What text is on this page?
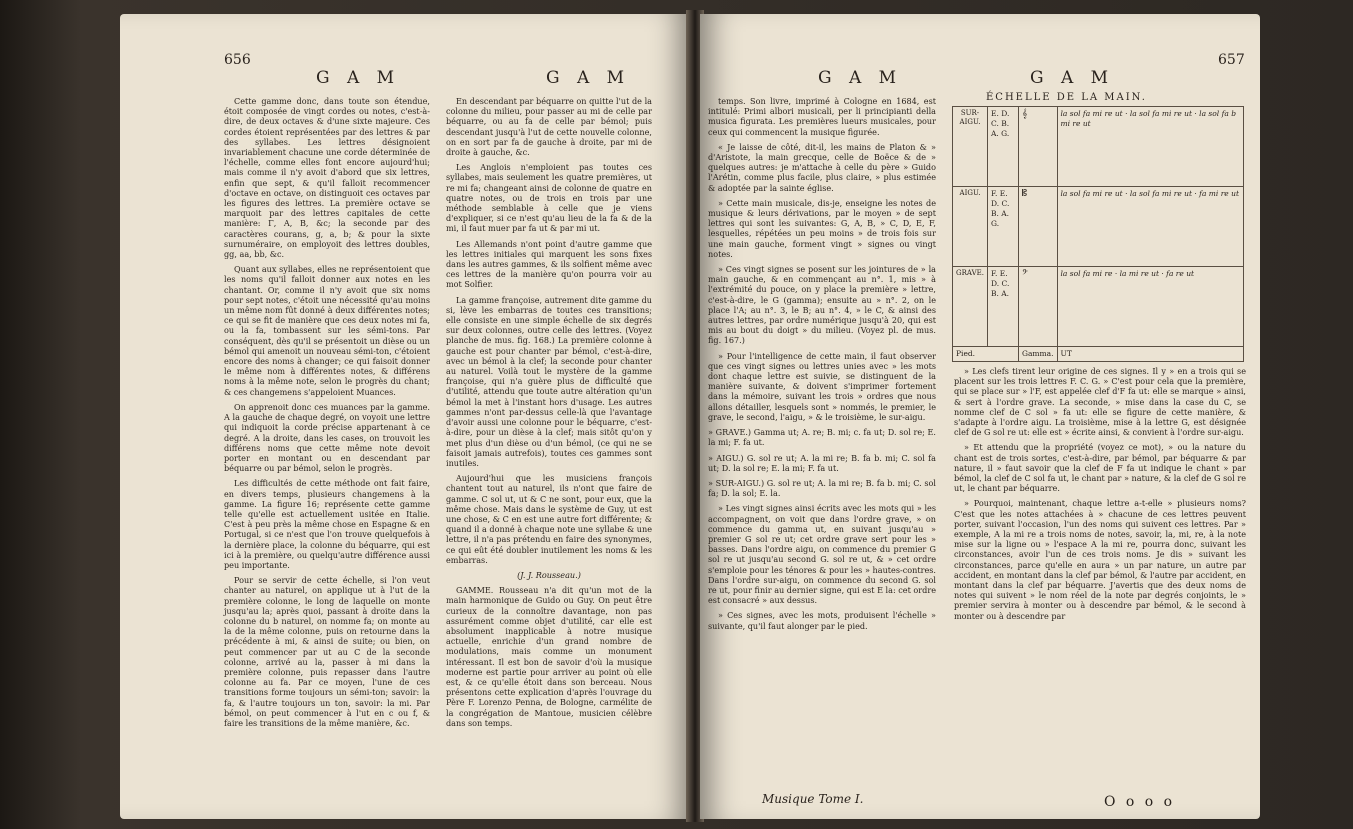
656
G A M	G A M

Cette gamme donc, dans toute son étendue, étoit composée de vingt cordes ou notes, c'est-à-dire, de deux octaves & d'une sixte majeure. Ces cordes étoient représentées par des lettres & par des syllabes. Les lettres désignoient invariablement chacune une corde déterminée de l'échelle, comme elles font encore aujourd'hui; mais comme il n'y avoit d'abord que six lettres, enfin que sept, & qu'il falloit recommencer d'octave en octave, on distinguoit ces octaves par les figures des lettres. La première octave se marquoit par des lettres capitales de cette manière: Γ, A, B, &c; la seconde par des caractères courans, g, a, b; & pour la sixte surnuméraire, on employoit des lettres doubles, gg, aa, bb, &c.

Quant aux syllabes, elles ne représentoient que les noms qu'il falloit donner aux notes en les chantant. Or, comme il n'y avoit que six noms pour sept notes, c'étoit une nécessité qu'au moins un même nom fût donné à deux différentes notes; ce qui se fit de manière que ces deux notes mi fa, ou la fa, tombassent sur les sémi-tons. Par conséquent, dès qu'il se présentoit un dièse ou un bémol qui amenoit un nouveau sémi-ton, c'étoient encore des noms à changer; ce qui faisoit donner le même nom à différentes notes, & différens noms à la même note, selon le progrès du chant; & ces changemens s'appeloient Muances.

On apprenoit donc ces muances par la gamme. A la gauche de chaque degré, on voyoit une lettre qui indiquoit la corde précise appartenant à ce degré. A la droite, dans les cases, on trouvoit les différens noms que cette même note devoit porter en montant ou en descendant par béquarre ou par bémol, selon le progrès.

Les difficultés de cette méthode ont fait faire, en divers temps, plusieurs changemens à la gamme. La figure 16; représente cette gamme telle qu'elle est actuellement usitée en Italie. C'est à peu près la même chose en Espagne & en Portugal, si ce n'est que l'on trouve quelquefois à la dernière place, la colonne du béquarre, qui est ici à la première, ou quelqu'autre différence aussi peu importante.

Pour se servir de cette échelle, si l'on veut chanter au naturel, on applique ut à l'ut de la première colonne, le long de laquelle on monte jusqu'au la; après quoi, passant à droite dans la colonne du b naturel, on nomme fa; on monte au la de la même colonne, puis on retourne dans la précédente à mi, & ainsi de suite; ou bien, on peut commencer par ut au C de la seconde colonne, arrivé au la, passer à mi dans la première colonne, puis repasser dans l'autre colonne au fa. Par ce moyen, l'une de ces transitions forme toujours un sémi-ton; savoir: la fa, & l'autre toujours un ton, savoir: la mi. Par bémol, on peut commencer à l'ut en c ou f, & faire les transitions de la même manière, &c.

En descendant par béquarre on quitte l'ut de la colonne du milieu, pour passer au mi de celle par béquarre, ou au fa de celle par bémol; puis descendant jusqu'à l'ut de cette nouvelle colonne, on en sort par fa de gauche à droite, par mi de droite à gauche, &c.

Les Anglois n'emploient pas toutes ces syllabes, mais seulement les quatre premières, ut re mi fa; changeant ainsi de colonne de quatre en quatre notes, ou de trois en trois par une méthode semblable à celle que je viens d'expliquer, si ce n'est qu'au lieu de la fa & de la mi, il faut muer par fa ut & par mi ut.

Les Allemands n'ont point d'autre gamme que les lettres initiales qui marquent les sons fixes dans les autres gammes, & ils solfient même avec ces lettres de la manière qu'on pourra voir au mot Solfier.

La gamme françoise, autrement dite gamme du si, lève les embarras de toutes ces transitions; elle consiste en une simple échelle de six degrés sur deux colonnes, outre celle des lettres. (Voyez planche de mus. fig. 168.) La première colonne à gauche est pour chanter par bémol, c'est-à-dire, avec un bémol à la clef; la seconde pour chanter au naturel. Voilà tout le mystère de la gamme françoise, qui n'a guère plus de difficulté que d'utilité, attendu que toute autre altération qu'un bémol la met à l'instant hors d'usage. Les autres gammes n'ont par-dessus celle-là que l'avantage d'avoir aussi une colonne pour le béquarre, c'est-à-dire, pour un dièse à la clef; mais sitôt qu'on y met plus d'un dièse ou d'un bémol, (ce qui ne se faisoit jamais autrefois), toutes ces gammes sont inutiles.

Aujourd'hui que les musiciens françois chantent tout au naturel, ils n'ont que faire de gamme. C sol ut, ut & C ne sont, pour eux, que la même chose. Mais dans le système de Guy, ut est une chose, & C en est une autre fort différente; & quand il a donné à chaque note une syllabe & une lettre, il n'a pas prétendu en faire des synonymes, ce qui eût été doubler inutilement les noms & les embarras.

(J. J. Rousseau.)

GAMME. Rousseau n'a dit qu'un mot de la main harmonique de Guido ou Guy. On peut être curieux de la connoître davantage, non pas assurément comme objet d'utilité, car elle est absolument inapplicable à notre musique actuelle, enrichie d'un grand nombre de modulations, mais comme un monument intéressant. Il est bon de savoir d'où la musique moderne est partie pour arriver au point où elle est, & ce qu'elle étoit dans son berceau. Nous présentons cette explication d'après l'ouvrage du Père F. Lorenzo Penna, de Bologne, carmélite de la congrégation de Mantoue, musicien célèbre dans son temps.

G A M	G A M
657

temps. Son livre, imprimé à Cologne en 1684, est intitulé: Primi albori musicali, per li principianti della musica figurata. Les premières lueurs musicales, pour ceux qui commencent la musique figurée.

« Je laisse de côté, dit-il, les mains de Platon & » d'Aristote, la main grecque, celle de Boëce & de » quelques autres: je m'attache à celle du père » Guido l'Arétin, comme plus facile, plus claire, » plus estimée & adoptée par la sainte église.

» Cette main musicale, dis-je, enseigne les notes de musique & leurs dérivations, par le moyen » de sept lettres qui sont les suivantes: G, A, B, » C, D, E, F, lesquelles, répétées un peu moins » de trois fois sur une main gauche, forment vingt » signes ou vingt notes.

» Ces vingt signes se posent sur les jointures de » la main gauche, & en commençant au n°. 1, mis » à l'extrémité du pouce, on y place la première » lettre, c'est-à-dire, le G (gamma); ensuite au » n°. 2, on le place l'A; au n°. 3, le B; au n°. 4, » le C, & ainsi des autres lettres, par ordre numérique jusqu'à 20, qui est mis au bout du doigt » du milieu. (Voyez pl. de mus. fig. 167.)

» Pour l'intelligence de cette main, il faut observer que ces vingt signes ou lettres unies avec » les mots dont chaque lettre est suivie, se distinguent de la manière suivante, & doivent s'imprimer fortement dans la mémoire, suivant les trois » ordres que nous allons détailler, lesquels sont » nommés, le premier, le grave, le second, l'aigu, » & le troisième, le sur-aigu.

» GRAVE.) Gamma ut; A. re; B. mi; c. fa ut; D. sol re; E. la mi; F. fa ut.

» AIGU.) G. sol re ut; A. la mi re; B. fa b. mi; C. sol fa ut; D. la sol re; E. la mi; F. fa ut.

» SUR-AIGU.) G. sol re ut; A. la mi re; B. fa b. mi; C. sol fa; D. la sol; E. la.

» Les vingt signes ainsi écrits avec les mots qui » les accompagnent, on voit que dans l'ordre grave, » on commence du gamma ut, en suivant jusqu'au » premier G sol re ut; cet ordre grave sert pour les » basses. Dans l'ordre aigu, on commence du premier G sol re ut jusqu'au second G. sol re ut, & » cet ordre s'emploie pour les ténores & pour les » hautes-contres. Dans l'ordre sur-aigu, on commence du second G. sol re ut, pour finir au dernier signe, qui est E la: cet ordre est consacré » aux dessus.

» Ces signes, avec les mots, produisent l'échelle » suivante, qu'il faut alonger par le pied.

ÉCHELLE DE LA MAIN.
SUR-AIGU.	E. D. C. B. A. G.	𝄞	la sol fa mi re ut · la sol fa mi re ut · la sol fa b mi re ut
AIGU.	F. E. D. C. B. A. G.	𝄡	la sol fa mi re ut · la sol fa mi re ut · fa mi re ut
GRAVE.	F. E. D. C. B. A.	𝄢	la sol fa mi re · la mi re ut · fa re ut
Pied.		Gamma.	UT

» Les clefs tirent leur origine de ces signes. Il y » en a trois qui se placent sur les trois lettres F. C. G. » C'est pour cela que la première, qui se place sur » l'F, est appelée clef d'F fa ut: elle se marque » ainsi, & sert à l'ordre grave. La seconde, » mise dans la case du C, se nomme clef de C sol » fa ut: elle se figure de cette manière, & s'adapte à l'ordre aigu. La troisième, mise à la lettre G, est désignée clef de G sol re ut: elle est » écrite ainsi, & convient à l'ordre sur-aigu.

» Et attendu que la propriété (voyez ce mot), » ou la nature du chant est de trois sortes, c'est-à-dire, par bémol, par béquarre & par nature, il » faut savoir que la clef de F fa ut indique le chant » par bémol, la clef de C sol fa ut, le chant par » nature, & la clef de G sol re ut, le chant par béquarre.

» Pourquoi, maintenant, chaque lettre a-t-elle » plusieurs noms? C'est que les notes attachées à » chacune de ces lettres peuvent porter, suivant l'occasion, l'un des noms qui suivent ces lettres. Par » exemple, A la mi re a trois noms de notes, savoir, la, mi, re, à la note mise sur la ligne ou » l'espace A la mi re, pourra donc, suivant les circonstances, avoir l'un de ces trois noms. Je dis » suivant les circonstances, parce qu'elle en aura » un par nature, un autre par accident, en montant dans la clef par bémol, & l'autre par accident, en montant dans la clef par béquarre. J'avertis que des deux noms de notes qui suivent » le nom réel de la note par degrés conjoints, le » premier servira à monter ou à descendre par bémol, & le second à monter ou à descendre par

Musique Tome I.	O o o o
